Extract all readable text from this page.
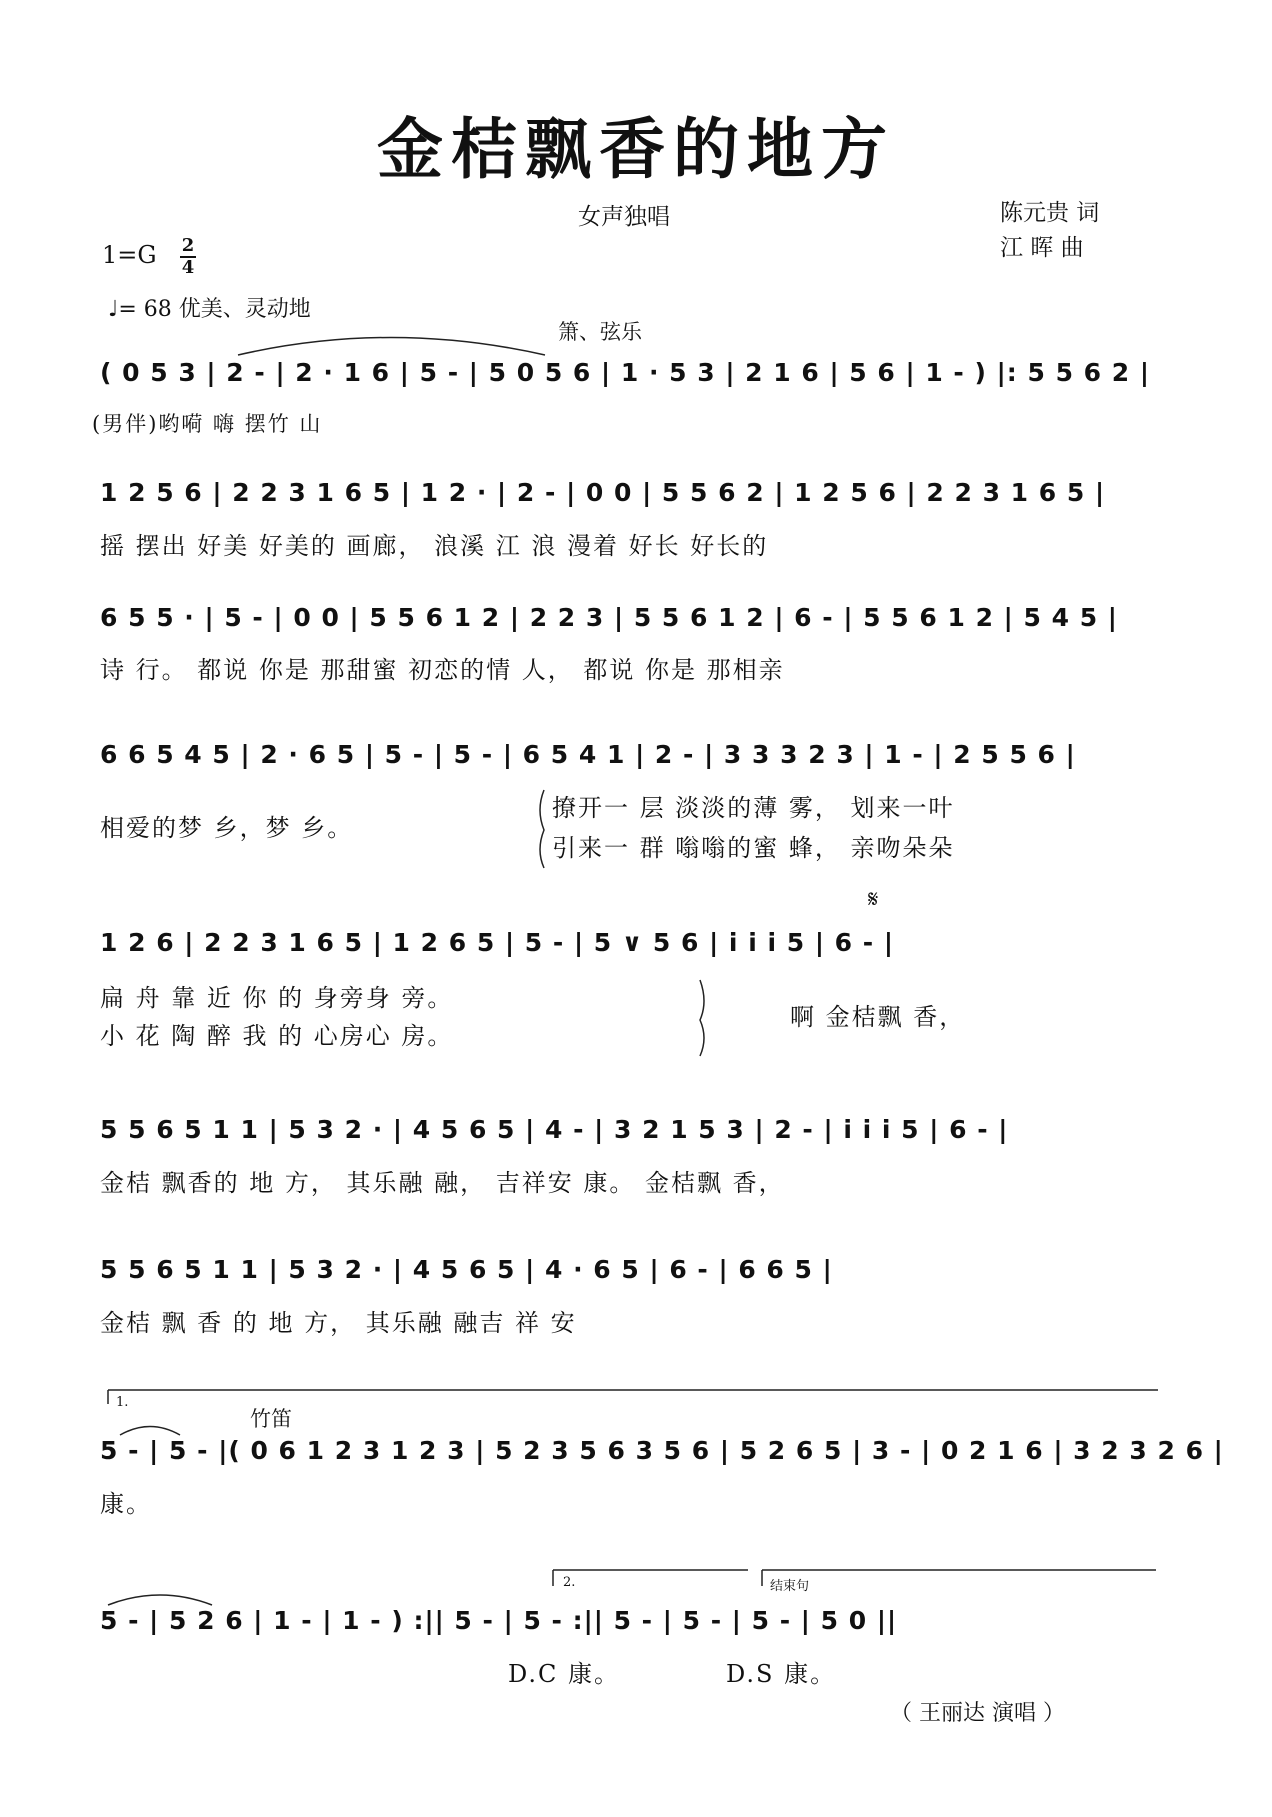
金桔飘香的地方
女声独唱	陈元贵 词
江 晖 曲
1=G 2
4
♩= 68 优美、灵动地
箫、弦乐
( 0 5 3 | 2 - | 2 · 1 6 | 5 - | 5 0 5 6 | 1 · 5 3 | 2 1 6 | 5 6 | 1 - ) |: 5 5 6 2 |
(男伴)哟嗬 嗨 摆竹 山
1 2 5 6 | 2 2 3 1 6 5 | 1 2 · | 2 - | 0 0 | 5 5 6 2 | 1 2 5 6 | 2 2 3 1 6 5 |
摇 摆出 好美 好美的 画廊， 浪溪 江 浪 漫着 好长 好长的
6 5 5 · | 5 - | 0 0 | 5 5 6 1 2 | 2 2 3 | 5 5 6 1 2 | 6 - | 5 5 6 1 2 | 5 4 5 |
诗 行。 都说 你是 那甜蜜 初恋的情 人， 都说 你是 那相亲
6 6 5 4 5 | 2 · 6 5 | 5 - | 5 - | 6 5 4 1 | 2 - | 3 3 3 2 3 | 1 - | 2 5 5 6 |
相爱的梦 乡，梦 乡。
撩开一 层 淡淡的薄 雾， 划来一叶
引来一 群 嗡嗡的蜜 蜂， 亲吻朵朵
1 2 6 | 2 2 3 1 6 5 | 1 2 6 5 | 5 - | 5 ∨ 5 6 | i i i 5 | 6 - |
扁 舟 靠 近 你 的 身旁身 旁。
小 花 陶 醉 我 的 心房心 房。
啊 金桔飘 香，
5 5 6 5 1 1 | 5 3 2 · | 4 5 6 5 | 4 - | 3 2 1 5 3 | 2 - | i i i 5 | 6 - |
金桔 飘香的 地 方， 其乐融 融， 吉祥安 康。 金桔飘 香，
5 5 6 5 1 1 | 5 3 2 · | 4 5 6 5 | 4 · 6 5 | 6 - | 6 6 5 |
金桔 飘 香 的 地 方， 其乐融 融吉 祥 安
1.
竹笛
5 - | 5 - |( 0 6 1 2 3 1 2 3 | 5 2 3 5 6 3 5 6 | 5 2 6 5 | 3 - | 0 2 1 6 | 3 2 3 2 6 |
康。
2.	结束句
5 - | 5 2 6 | 1 - | 1 - ) :|| 5 - | 5 - :|| 5 - | 5 - | 5 - | 5 0 ||
D.C 康。	D.S 康。
𝄋
（ 王丽达 演唱 ）
